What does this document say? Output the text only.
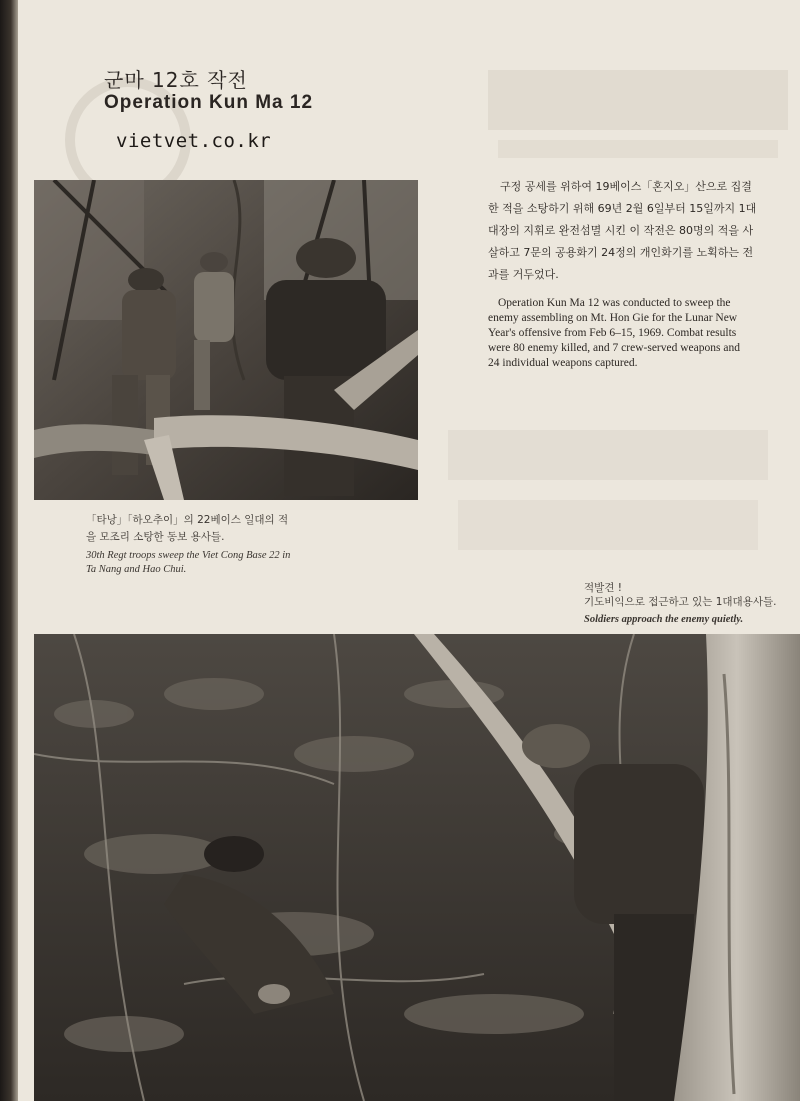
군마 12호 작전
Operation Kun Ma 12
vietvet.co.kr
「타낭」「하오추이」의 22베이스 일대의 적을 모조리 소탕한 동보 용사들.
30th Regt troops sweep the Viet Cong Base 22 in Ta Nang and Hao Chui.

구정 공세를 위하여 19베이스「혼지오」산으로 집결한 적을 소탕하기 위해 69년 2월 6일부터 15일까지 1대대장의 지휘로 완전섬멸 시킨 이 작전은 80명의 적을 사살하고 7문의 공용화기 24정의 개인화기를 노획하는 전과를 거두었다.

Operation Kun Ma 12 was conducted to sweep the enemy assembling on Mt. Hon Gie for the Lunar New Year's offensive from Feb 6–15, 1969. Combat results were 80 enemy killed, and 7 crew-served weapons and 24 individual weapons captured.

적발견 !
기도비익으로 접근하고 있는 1대대용사들.
Soldiers approach the enemy quietly.
